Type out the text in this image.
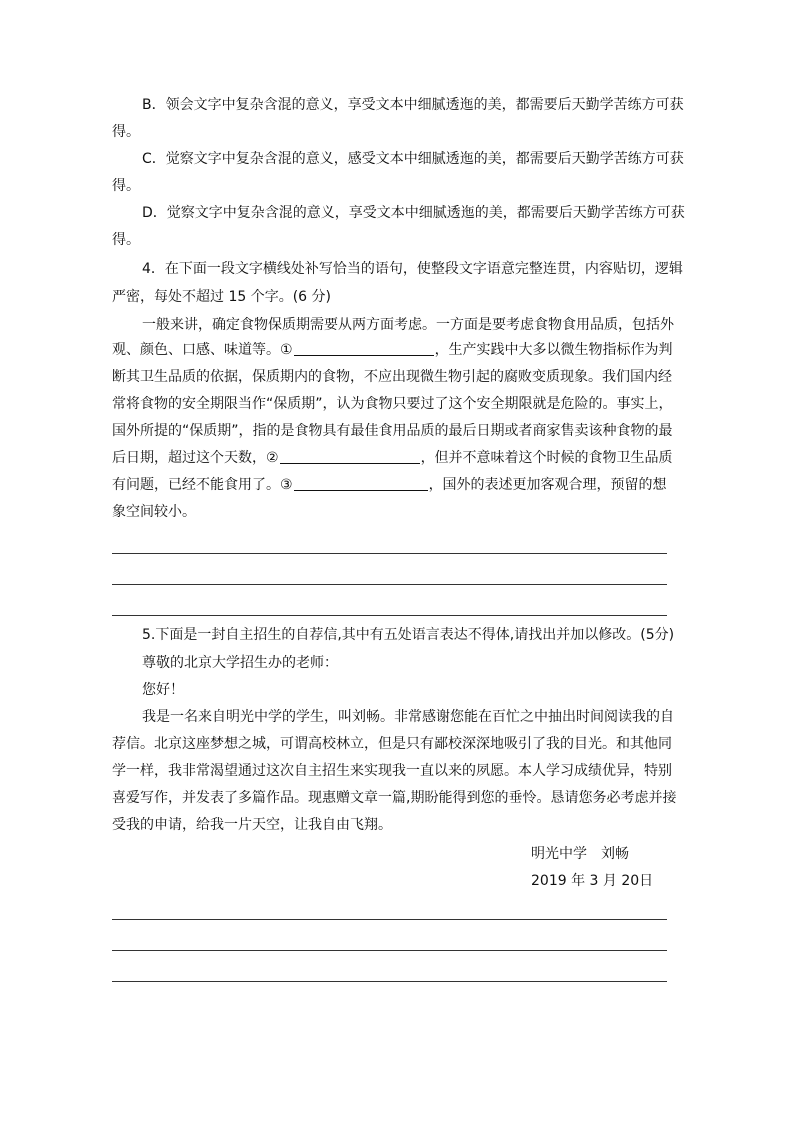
B．领会文字中复杂含混的意义，享受文本中细腻透迤的美，都需要后天勤学苦练方可获
得。
C．觉察文字中复杂含混的意义，感受文本中细腻透迤的美，都需要后天勤学苦练方可获
得。
D．觉察文字中复杂含混的意义，享受文本中细腻透迤的美，都需要后天勤学苦练方可获
得。
4．在下面一段文字横线处补写恰当的语句，使整段文字语意完整连贯，内容贴切，逻辑
严密，每处不超过 15 个字。(6 分)
一般来讲，确定食物保质期需要从两方面考虑。一方面是要考虑食物食用品质，包括外
观、颜色、口感、味道等。①	，生产实践中大多以微生物指标作为判
断其卫生品质的依据，保质期内的食物，不应出现微生物引起的腐败变质现象。我们国内经
常将食物的安全期限当作“保质期”，认为食物只要过了这个安全期限就是危险的。事实上，
国外所提的“保质期”，指的是食物具有最佳食用品质的最后日期或者商家售卖该种食物的最
后日期，超过这个天数，②	，但并不意味着这个时候的食物卫生品质
有问题，已经不能食用了。③	，国外的表述更加客观合理，预留的想
象空间较小。
5.下面是一封自主招生的自荐信,其中有五处语言表达不得体,请找出并加以修改。(5分)
尊敬的北京大学招生办的老师：
您好！
我是一名来自明光中学的学生，叫刘畅。非常感谢您能在百忙之中抽出时间阅读我的自
荐信。北京这座梦想之城，可谓高校林立，但是只有鄙校深深地吸引了我的目光。和其他同
学一样，我非常渴望通过这次自主招生来实现我一直以来的夙愿。本人学习成绩优异，特别
喜爱写作，并发表了多篇作品。现惠赠文章一篇,期盼能得到您的垂怜。恳请您务必考虑并接
受我的申请，给我一片天空，让我自由飞翔。
明光中学　刘畅
2019 年 3 月 20日
